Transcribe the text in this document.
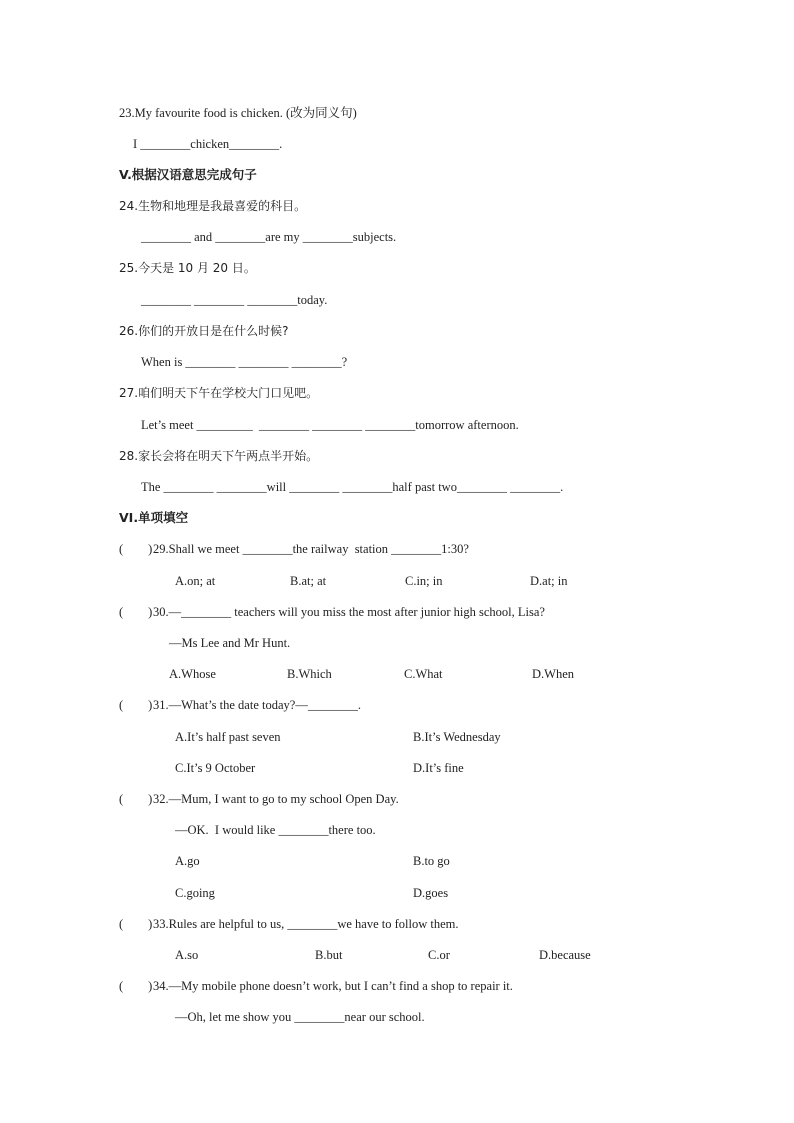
23.My favourite food is chicken. (改为同义句)
I ________chicken________.
V.根据汉语意思完成句子
24.生物和地理是我最喜爱的科目。
________ and ________are my ________subjects.
25.今天是 10 月 20 日。
________ ________ ________today.
26.你们的开放日是在什么时候?
When is ________ ________ ________?
27.咱们明天下午在学校大门口见吧。
Let’s meet _________  ________ ________ ________tomorrow afternoon.
28.家长会将在明天下午两点半开始。
The ________ ________will ________ ________half past two________ ________.
VI.单项填空
(        ) 29.Shall we meet ________the railway  station ________1:30?
A.on; at	B.at; at	C.in; in	D.at; in
(        ) 30.—________ teachers will you miss the most after junior high school, Lisa?
—Ms Lee and Mr Hunt.
A.Whose	B.Which	C.What	D.When
(        ) 31.—What’s the date today?—________.
A.It’s half past seven	B.It’s Wednesday
C.It’s 9 October	D.It’s fine
(        ) 32.—Mum, I want to go to my school Open Day.
—OK.  I would like ________there too.
A.go	B.to go
C.going	D.goes
(        ) 33.Rules are helpful to us, ________we have to follow them.
A.so	B.but	C.or	D.because
(        ) 34.—My mobile phone doesn’t work, but I can’t find a shop to repair it.
—Oh, let me show you ________near our school.
